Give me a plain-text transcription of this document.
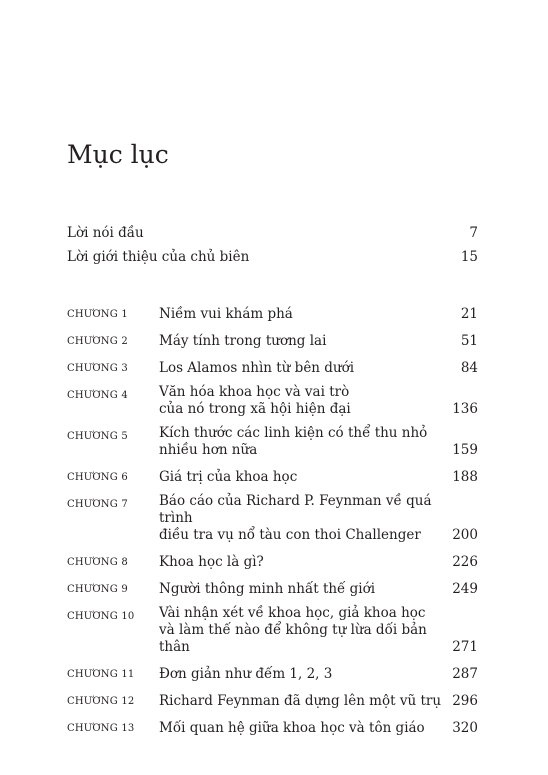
Mục lục
Lời nói đầu	7
Lời giới thiệu của chủ biên	15
CHƯƠNG 1	Niềm vui khám phá	21
CHƯƠNG 2	Máy tính trong tương lai	51
CHƯƠNG 3	Los Alamos nhìn từ bên dưới	84
CHƯƠNG 4	Văn hóa khoa học và vai trò
của nó trong xã hội hiện đại	136
CHƯƠNG 5	Kích thước các linh kiện có thể thu nhỏ
nhiều hơn nữa	159
CHƯƠNG 6	Giá trị của khoa học	188
CHƯƠNG 7	Báo cáo của Richard P. Feynman về quá trình
điều tra vụ nổ tàu con thoi Challenger	200
CHƯƠNG 8	Khoa học là gì?	226
CHƯƠNG 9	Người thông minh nhất thế giới	249
CHƯƠNG 10	Vài nhận xét về khoa học, giả khoa học
và làm thế nào để không tự lừa dối bản thân	271
CHƯƠNG 11	Đơn giản như đếm 1, 2, 3	287
CHƯƠNG 12	Richard Feynman đã dựng lên một vũ trụ 296
CHƯƠNG 13	Mối quan hệ giữa khoa học và tôn giáo	320
